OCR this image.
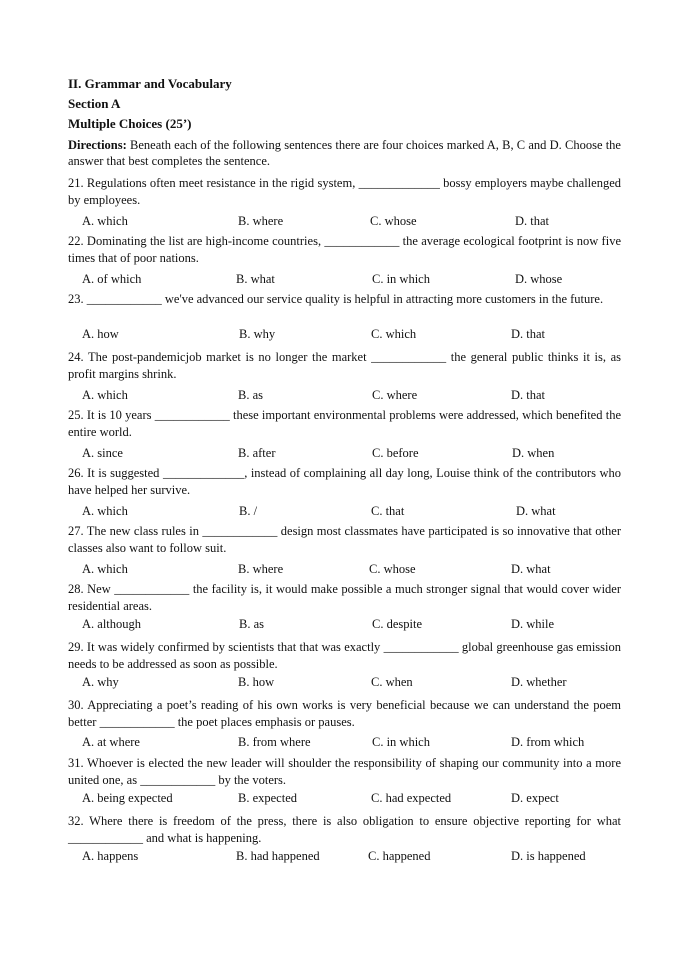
II. Grammar and Vocabulary
Section A
Multiple Choices (25’)
Directions: Beneath each of the following sentences there are four choices marked A, B, C and D. Choose the answer that best completes the sentence.
21. Regulations often meet resistance in the rigid system, _____________ bossy employers maybe challenged by employees.
A. which	B. where	C. whose	D. that
22. Dominating the list are high-income countries, ____________ the average ecological footprint is now five times that of poor nations.
A. of which	B. what	C. in which	D. whose
23. ____________ we've advanced our service quality is helpful in attracting more customers in the future.
A. how	B. why	C. which	D. that
24. The post-pandemicjob market is no longer the market ____________ the general public thinks it is, as profit margins shrink.
A. which	B. as	C. where	D. that
25. It is 10 years ____________ these important environmental problems were addressed, which benefited the entire world.
A. since	B. after	C. before	D. when
26. It is suggested _____________, instead of complaining all day long, Louise think of the contributors who have helped her survive.
A. which	B. /	C. that	D. what
27. The new class rules in ____________ design most classmates have participated is so innovative that other classes also want to follow suit.
A. which	B. where	C. whose	D. what
28. New ____________ the facility is, it would make possible a much stronger signal that would cover wider residential areas.
A. although	B. as	C. despite	D. while
29. It was widely confirmed by scientists that that was exactly ____________ global greenhouse gas emission needs to be addressed as soon as possible.
A. why	B. how	C. when	D. whether
30. Appreciating a poet’s reading of his own works is very beneficial because we can understand the poem better ____________ the poet places emphasis or pauses.
A. at where	B. from where	C. in which	D. from which
31. Whoever is elected the new leader will shoulder the responsibility of shaping our community into a more united one, as ____________ by the voters.
A. being expected	B. expected	C. had expected	D. expect
32. Where there is freedom of the press, there is also obligation to ensure objective reporting for what ____________ and what is happening.
A. happens	B. had happened	C. happened	D. is happened
